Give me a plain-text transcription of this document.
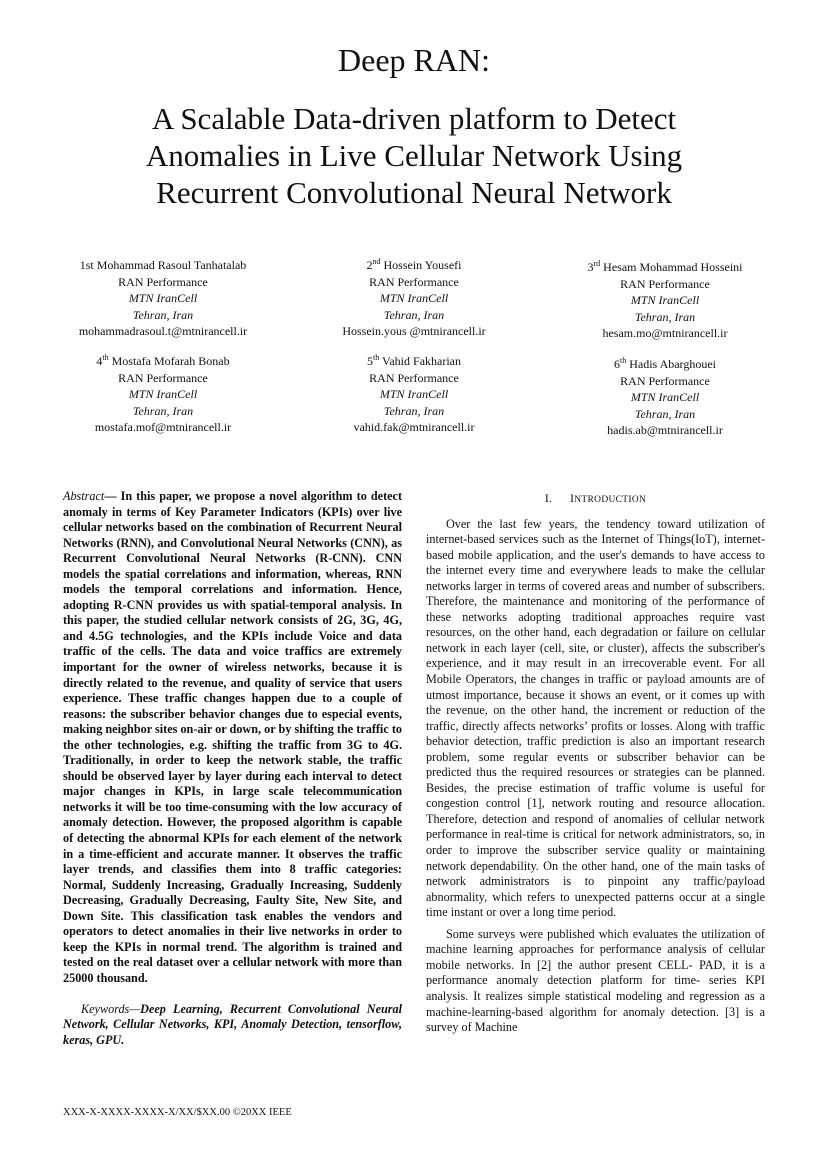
Deep RAN:
A Scalable Data-driven platform to Detect
Anomalies in Live Cellular Network Using
Recurrent Convolutional Neural Network
1st Mohammad Rasoul Tanhatalab
RAN Performance
MTN IranCell
Tehran, Iran
mohammadrasoul.t@mtnirancell.ir
2nd Hossein Yousefi
RAN Performance
MTN IranCell
Tehran, Iran
Hossein.yous @mtnirancell.ir
3rd Hesam Mohammad Hosseini
RAN Performance
MTN IranCell
Tehran, Iran
hesam.mo@mtnirancell.ir
4th Mostafa Mofarah Bonab
RAN Performance
MTN IranCell
Tehran, Iran
mostafa.mof@mtnirancell.ir
5th Vahid Fakharian
RAN Performance
MTN IranCell
Tehran, Iran
vahid.fak@mtnirancell.ir
6th Hadis Abarghouei
RAN Performance
MTN IranCell
Tehran, Iran
hadis.ab@mtnirancell.ir

Abstract— In this paper, we propose a novel algorithm to detect anomaly in terms of Key Parameter Indicators (KPIs) over live cellular networks based on the combination of Recurrent Neural Networks (RNN), and Convolutional Neural Networks (CNN), as Recurrent Convolutional Neural Networks (R-CNN). CNN models the spatial correlations and information, whereas, RNN models the temporal correlations and information. Hence, adopting R-CNN provides us with spatial-temporal analysis. In this paper, the studied cellular network consists of 2G, 3G, 4G, and 4.5G technologies, and the KPIs include Voice and data traffic of the cells. The data and voice traffics are extremely important for the owner of wireless networks, because it is directly related to the revenue, and quality of service that users experience. These traffic changes happen due to a couple of reasons: the subscriber behavior changes due to especial events, making neighbor sites on-air or down, or by shifting the traffic to the other technologies, e.g. shifting the traffic from 3G to 4G. Traditionally, in order to keep the network stable, the traffic should be observed layer by layer during each interval to detect major changes in KPIs, in large scale telecommunication networks it will be too time-consuming with the low accuracy of anomaly detection. However, the proposed algorithm is capable of detecting the abnormal KPIs for each element of the network in a time-efficient and accurate manner. It observes the traffic layer trends, and classifies them into 8 traffic categories: Normal, Suddenly Increasing, Gradually Increasing, Suddenly Decreasing, Gradually Decreasing, Faulty Site, New Site, and Down Site. This classification task enables the vendors and operators to detect anomalies in their live networks in order to keep the KPIs in normal trend. The algorithm is trained and tested on the real dataset over a cellular network with more than 25000 thousand.

Keywords—Deep Learning, Recurrent Convolutional Neural Network, Cellular Networks, KPI, Anomaly Detection, tensorflow, keras, GPU.

I. INTRODUCTION

Over the last few years, the tendency toward utilization of internet-based services such as the Internet of Things(IoT), internet-based mobile application, and the user's demands to have access to the internet every time and everywhere leads to make the cellular networks larger in terms of covered areas and number of subscribers. Therefore, the maintenance and monitoring of the performance of these networks adopting traditional approaches require vast resources, on the other hand, each degradation or failure on cellular network in each layer (cell, site, or cluster), affects the subscriber's experience, and it may result in an irrecoverable event. For all Mobile Operators, the changes in traffic or payload amounts are of utmost importance, because it shows an event, or it comes up with the revenue, on the other hand, the increment or reduction of the traffic, directly affects networks’ profits or losses. Along with traffic behavior detection, traffic prediction is also an important research problem, some regular events or subscriber behavior can be predicted thus the required resources or strategies can be planned. Besides, the precise estimation of traffic volume is useful for congestion control [1], network routing and resource allocation. Therefore, detection and respond of anomalies of cellular network performance in real-time is critical for network administrators, so, in order to improve the subscriber service quality or maintaining network dependability. On the other hand, one of the main tasks of network administrators is to pinpoint any traffic/payload abnormality, which refers to unexpected patterns occur at a single time instant or over a long time period.

Some surveys were published which evaluates the utilization of machine learning approaches for performance analysis of cellular mobile networks. In [2] the author present CELL- PAD, it is a performance anomaly detection platform for time- series KPI analysis. It realizes simple statistical modeling and regression as a machine-learning-based algorithm for anomaly detection. [3] is a survey of Machine

XXX-X-XXXX-XXXX-X/XX/$XX.00 ©20XX IEEE
